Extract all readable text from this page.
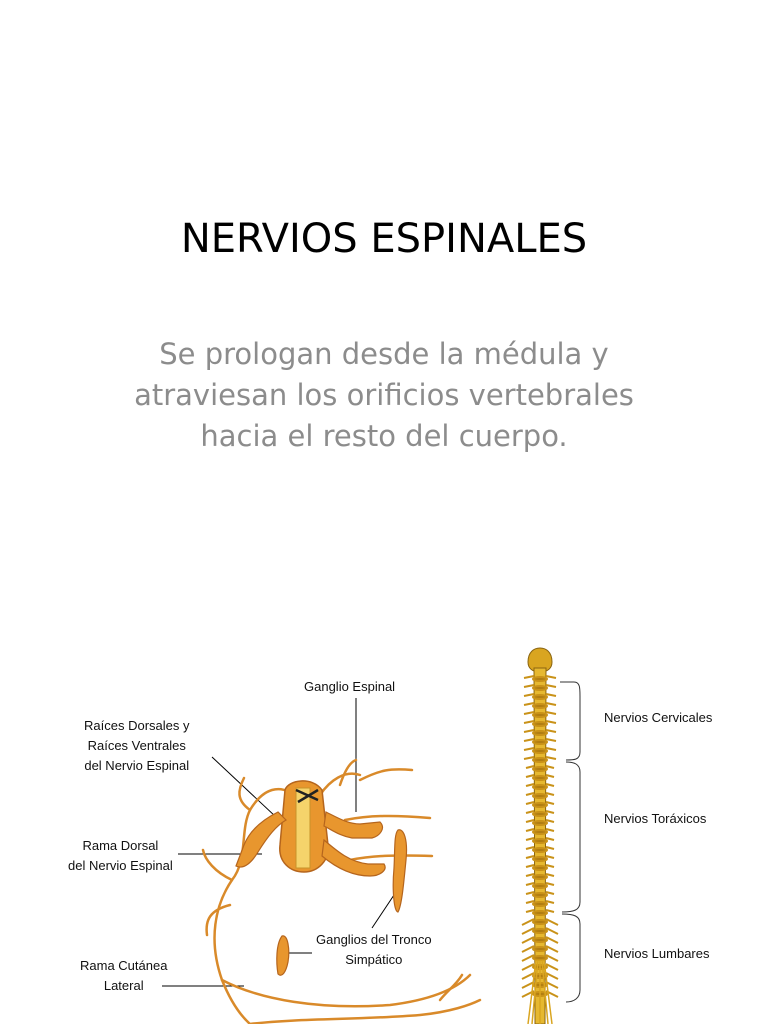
NERVIOS ESPINALES
Se prologan desde la médula y
atraviesan los orificios vertebrales
hacia el resto del cuerpo.
Ganglio Espinal
Raíces Dorsales y
Raíces Ventrales
del Nervio Espinal
Rama Dorsal
del Nervio Espinal
Ganglios del Tronco
Simpático
Rama Cutánea
Lateral
Nervios Cervicales
Nervios Toráxicos
Nervios Lumbares
